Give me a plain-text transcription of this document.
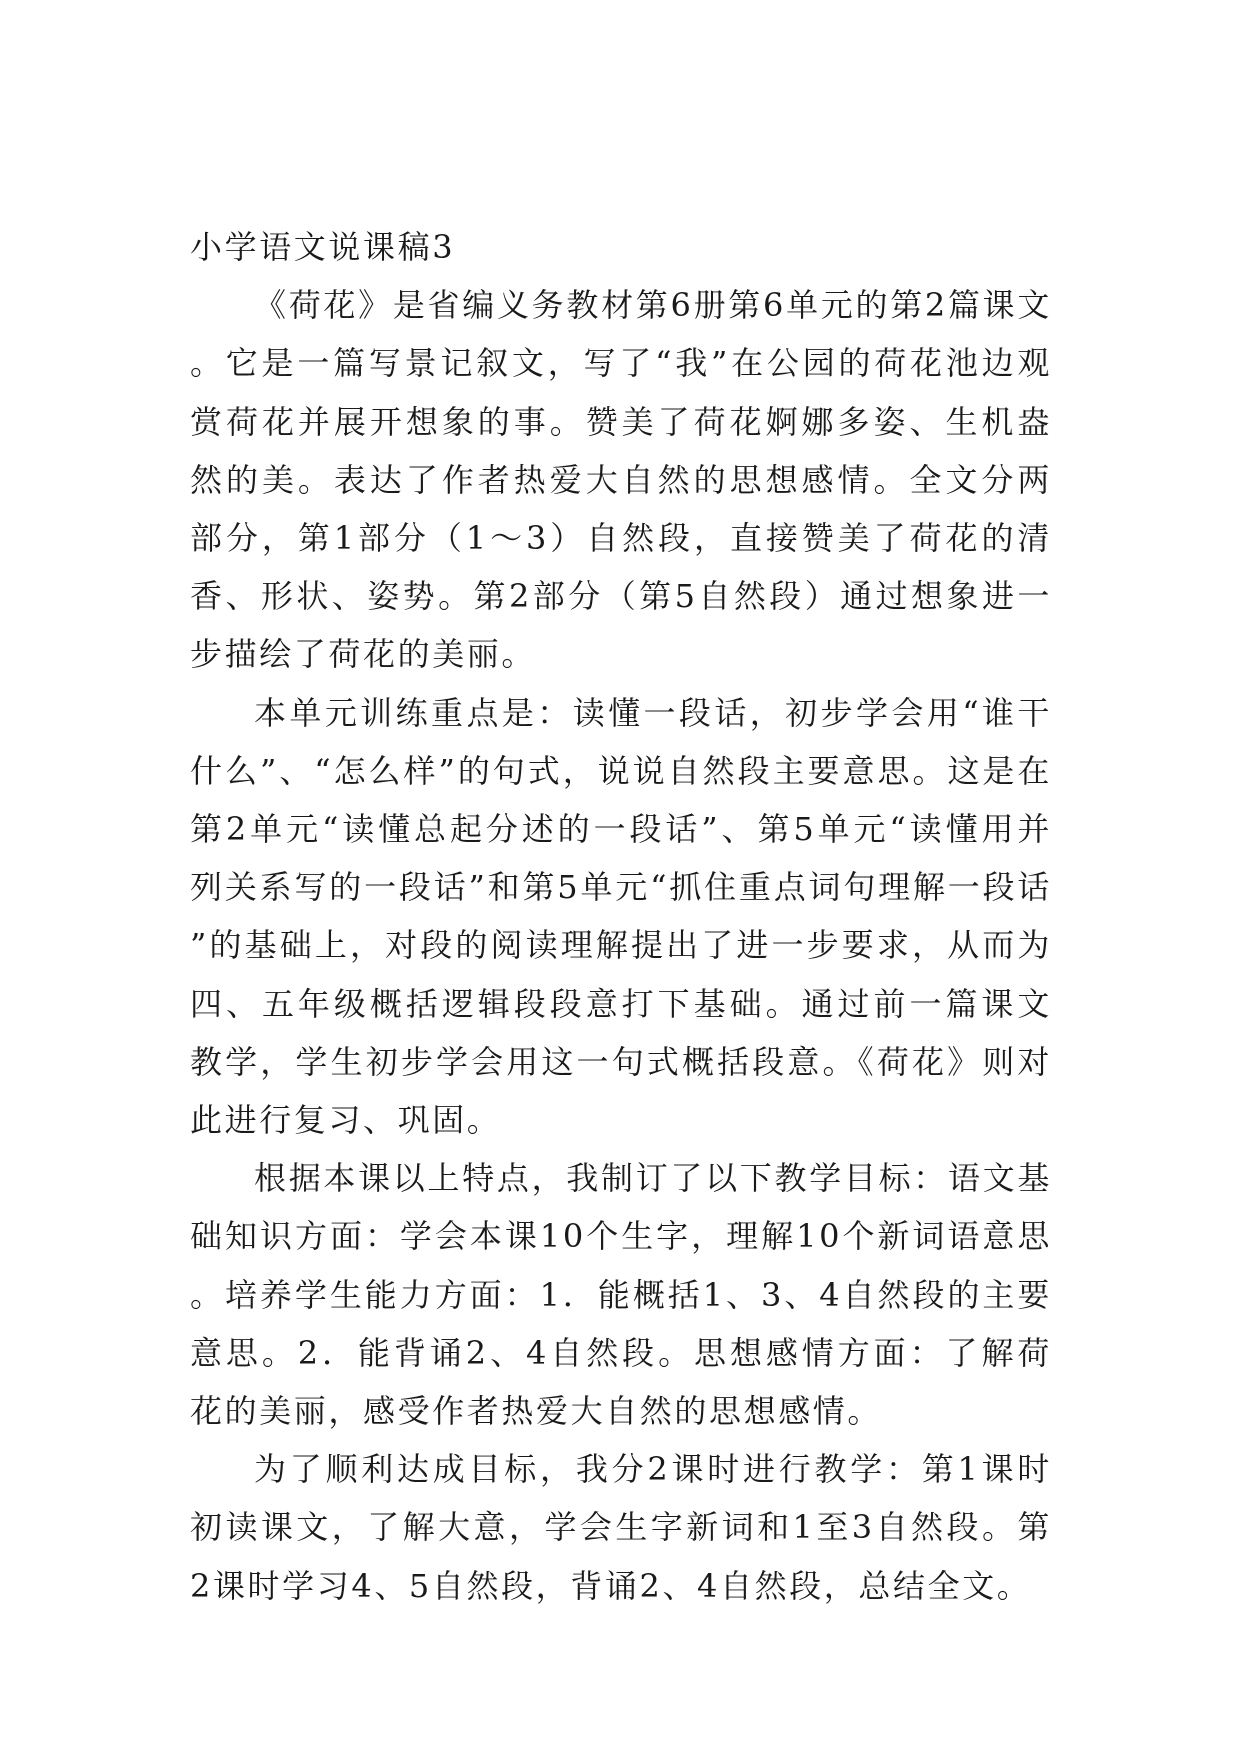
小学语文说课稿3

《荷花》是省编义务教材第6册第6单元的第2篇课文。它是一篇写景记叙文，写了“我”在公园的荷花池边观赏荷花并展开想象的事。赞美了荷花婀娜多姿、生机盎然的美。表达了作者热爱大自然的思想感情。全文分两部分，第1部分（1～3）自然段，直接赞美了荷花的清香、形状、姿势。第2部分（第5自然段）通过想象进一步描绘了荷花的美丽。

本单元训练重点是：读懂一段话，初步学会用“谁干什么”、“怎么样”的句式，说说自然段主要意思。这是在第2单元“读懂总起分述的一段话”、第5单元“读懂用并列关系写的一段话”和第5单元“抓住重点词句理解一段话”的基础上，对段的阅读理解提出了进一步要求，从而为四、五年级概括逻辑段段意打下基础。通过前一篇课文教学，学生初步学会用这一句式概括段意。《荷花》则对此进行复习、巩固。

根据本课以上特点，我制订了以下教学目标：语文基础知识方面：学会本课10个生字，理解10个新词语意思。培养学生能力方面：1．能概括1、3、4自然段的主要意思。2．能背诵2、4自然段。思想感情方面：了解荷花的美丽，感受作者热爱大自然的思想感情。

为了顺利达成目标，我分2课时进行教学：第1课时初读课文，了解大意，学会生字新词和1至3自然段。第2课时学习4、5自然段，背诵2、4自然段，总结全文。
